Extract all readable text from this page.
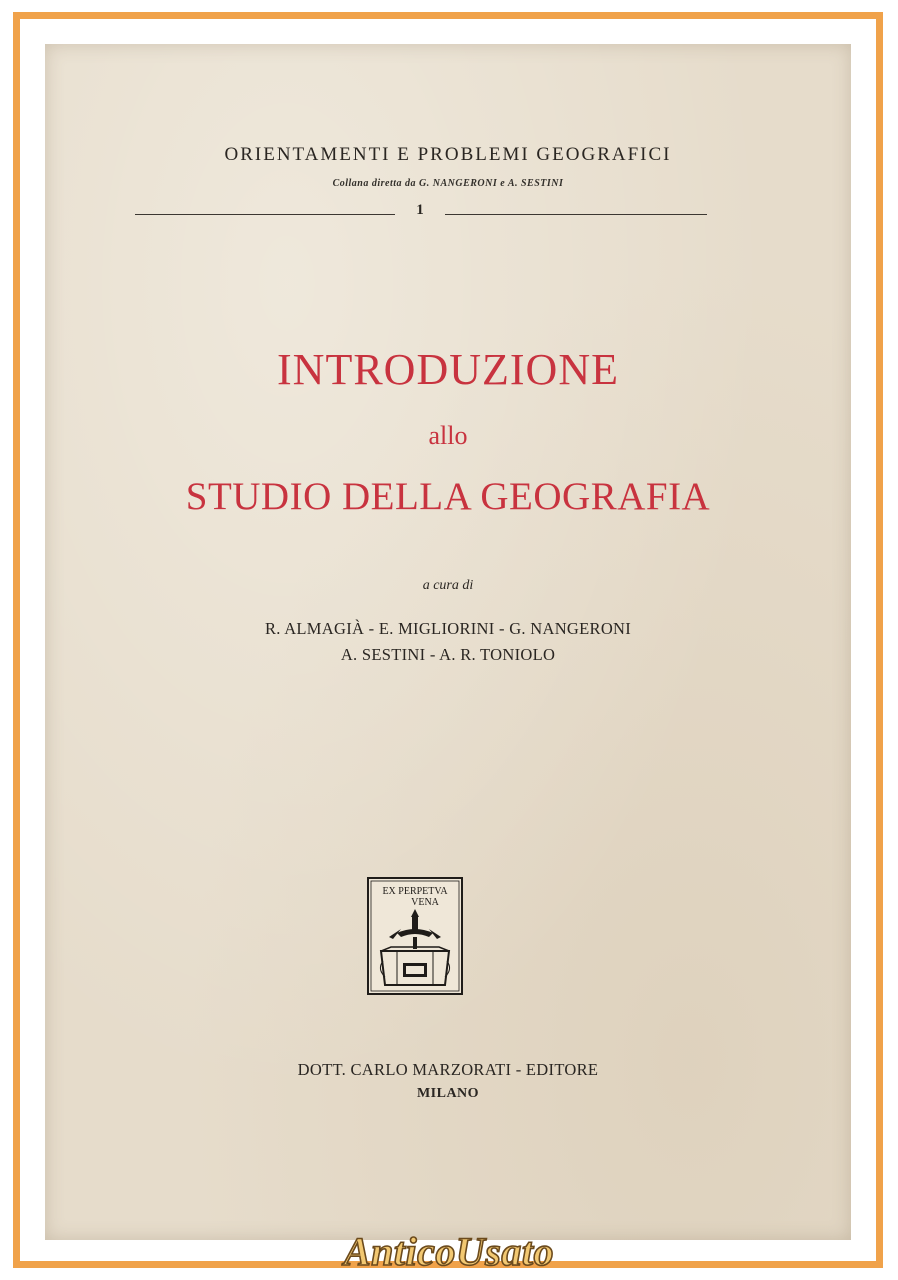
ORIENTAMENTI E PROBLEMI GEOGRAFICI
Collana diretta da G. NANGERONI e A. SESTINI
1
INTRODUZIONE
allo
STUDIO DELLA GEOGRAFIA
a cura di
R. ALMAGIÀ - E. MIGLIORINI - G. NANGERONI
A. SESTINI - A. R. TONIOLO
EX PERPETVA
VENA
DOTT. CARLO MARZORATI - EDITORE
MILANO
AnticoUsato
